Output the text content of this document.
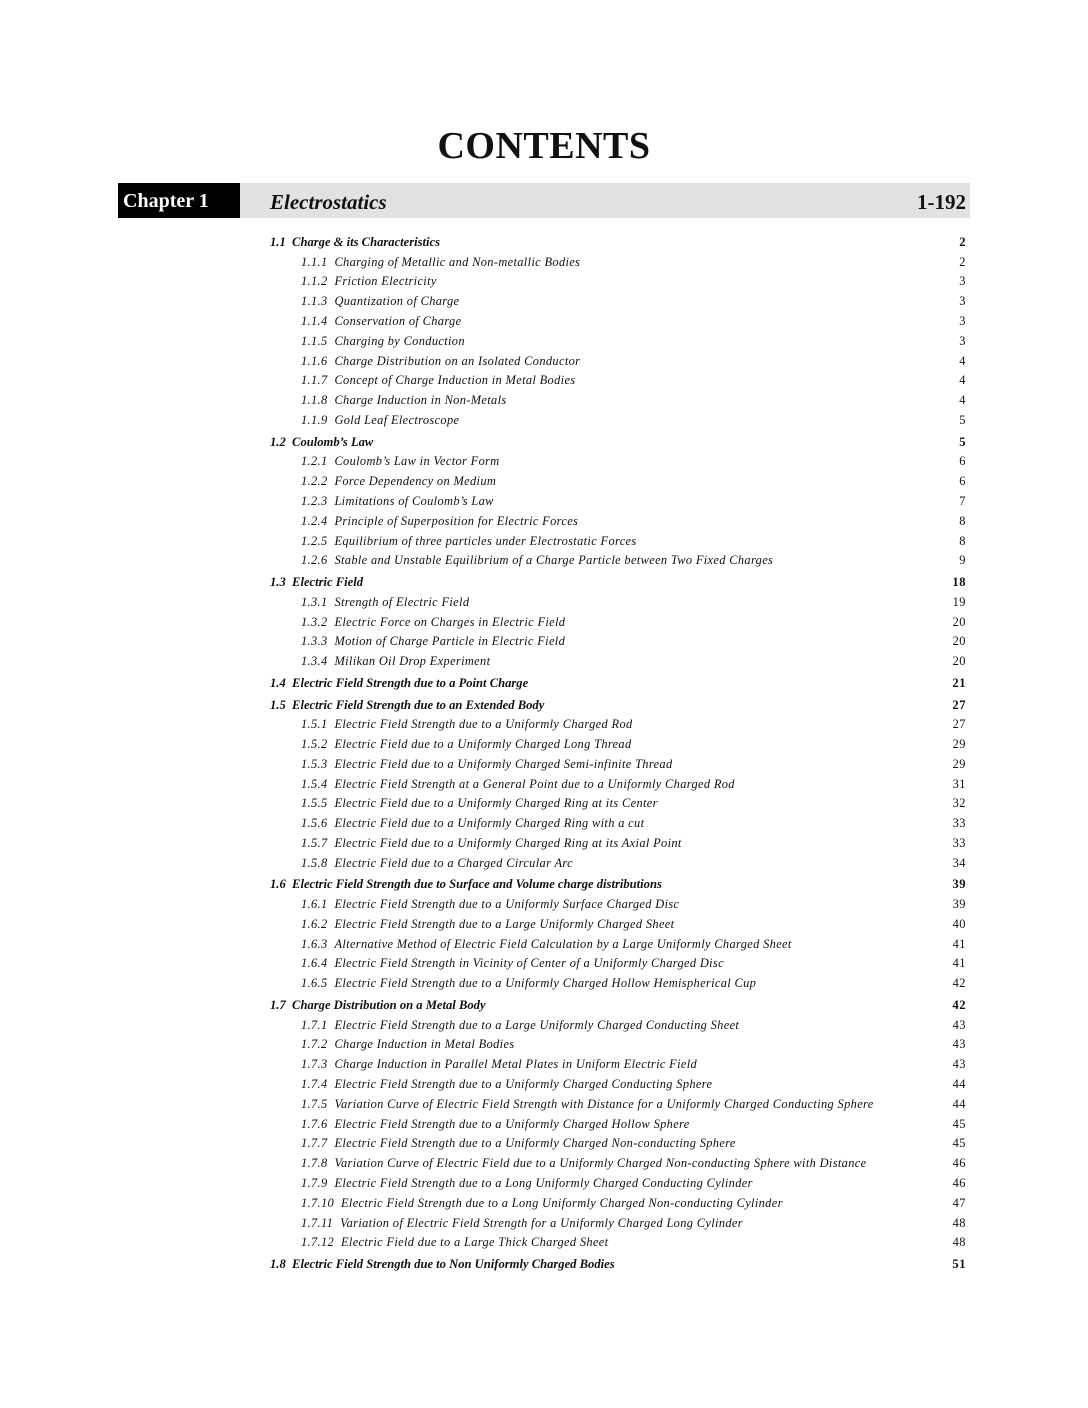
CONTENTS
Chapter 1	Electrostatics	1-192
1.1 Charge & its Characteristics	2
1.1.1 Charging of Metallic and Non-metallic Bodies	2
1.1.2 Friction Electricity	3
1.1.3 Quantization of Charge	3
1.1.4 Conservation of Charge	3
1.1.5 Charging by Conduction	3
1.1.6 Charge Distribution on an Isolated Conductor	4
1.1.7 Concept of Charge Induction in Metal Bodies	4
1.1.8 Charge Induction in Non-Metals	4
1.1.9 Gold Leaf Electroscope	5
1.2 Coulomb’s Law	5
1.2.1 Coulomb’s Law in Vector Form	6
1.2.2 Force Dependency on Medium	6
1.2.3 Limitations of Coulomb’s Law	7
1.2.4 Principle of Superposition for Electric Forces	8
1.2.5 Equilibrium of three particles under Electrostatic Forces	8
1.2.6 Stable and Unstable Equilibrium of a Charge Particle between Two Fixed Charges	9
1.3 Electric Field	18
1.3.1 Strength of Electric Field	19
1.3.2 Electric Force on Charges in Electric Field	20
1.3.3 Motion of Charge Particle in Electric Field	20
1.3.4 Milikan Oil Drop Experiment	20
1.4 Electric Field Strength due to a Point Charge	21
1.5 Electric Field Strength due to an Extended Body	27
1.5.1 Electric Field Strength due to a Uniformly Charged Rod	27
1.5.2 Electric Field due to a Uniformly Charged Long Thread	29
1.5.3 Electric Field due to a Uniformly Charged Semi-infinite Thread	29
1.5.4 Electric Field Strength at a General Point due to a Uniformly Charged Rod	31
1.5.5 Electric Field due to a Uniformly Charged Ring at its Center	32
1.5.6 Electric Field due to a Uniformly Charged Ring with a cut	33
1.5.7 Electric Field due to a Uniformly Charged Ring at its Axial Point	33
1.5.8 Electric Field due to a Charged Circular Arc	34
1.6 Electric Field Strength due to Surface and Volume charge distributions	39
1.6.1 Electric Field Strength due to a Uniformly Surface Charged Disc	39
1.6.2 Electric Field Strength due to a Large Uniformly Charged Sheet	40
1.6.3 Alternative Method of Electric Field Calculation by a Large Uniformly Charged Sheet	41
1.6.4 Electric Field Strength in Vicinity of Center of a Uniformly Charged Disc	41
1.6.5 Electric Field Strength due to a Uniformly Charged Hollow Hemispherical Cup	42
1.7 Charge Distribution on a Metal Body	42
1.7.1 Electric Field Strength due to a Large Uniformly Charged Conducting Sheet	43
1.7.2 Charge Induction in Metal Bodies	43
1.7.3 Charge Induction in Parallel Metal Plates in Uniform Electric Field	43
1.7.4 Electric Field Strength due to a Uniformly Charged Conducting Sphere	44
1.7.5 Variation Curve of Electric Field Strength with Distance for a Uniformly Charged Conducting Sphere	44
1.7.6 Electric Field Strength due to a Uniformly Charged Hollow Sphere	45
1.7.7 Electric Field Strength due to a Uniformly Charged Non-conducting Sphere	45
1.7.8 Variation Curve of Electric Field due to a Uniformly Charged Non-conducting Sphere with Distance	46
1.7.9 Electric Field Strength due to a Long Uniformly Charged Conducting Cylinder	46
1.7.10 Electric Field Strength due to a Long Uniformly Charged Non-conducting Cylinder	47
1.7.11 Variation of Electric Field Strength for a Uniformly Charged Long Cylinder	48
1.7.12 Electric Field due to a Large Thick Charged Sheet	48
1.8 Electric Field Strength due to Non Uniformly Charged Bodies	51
